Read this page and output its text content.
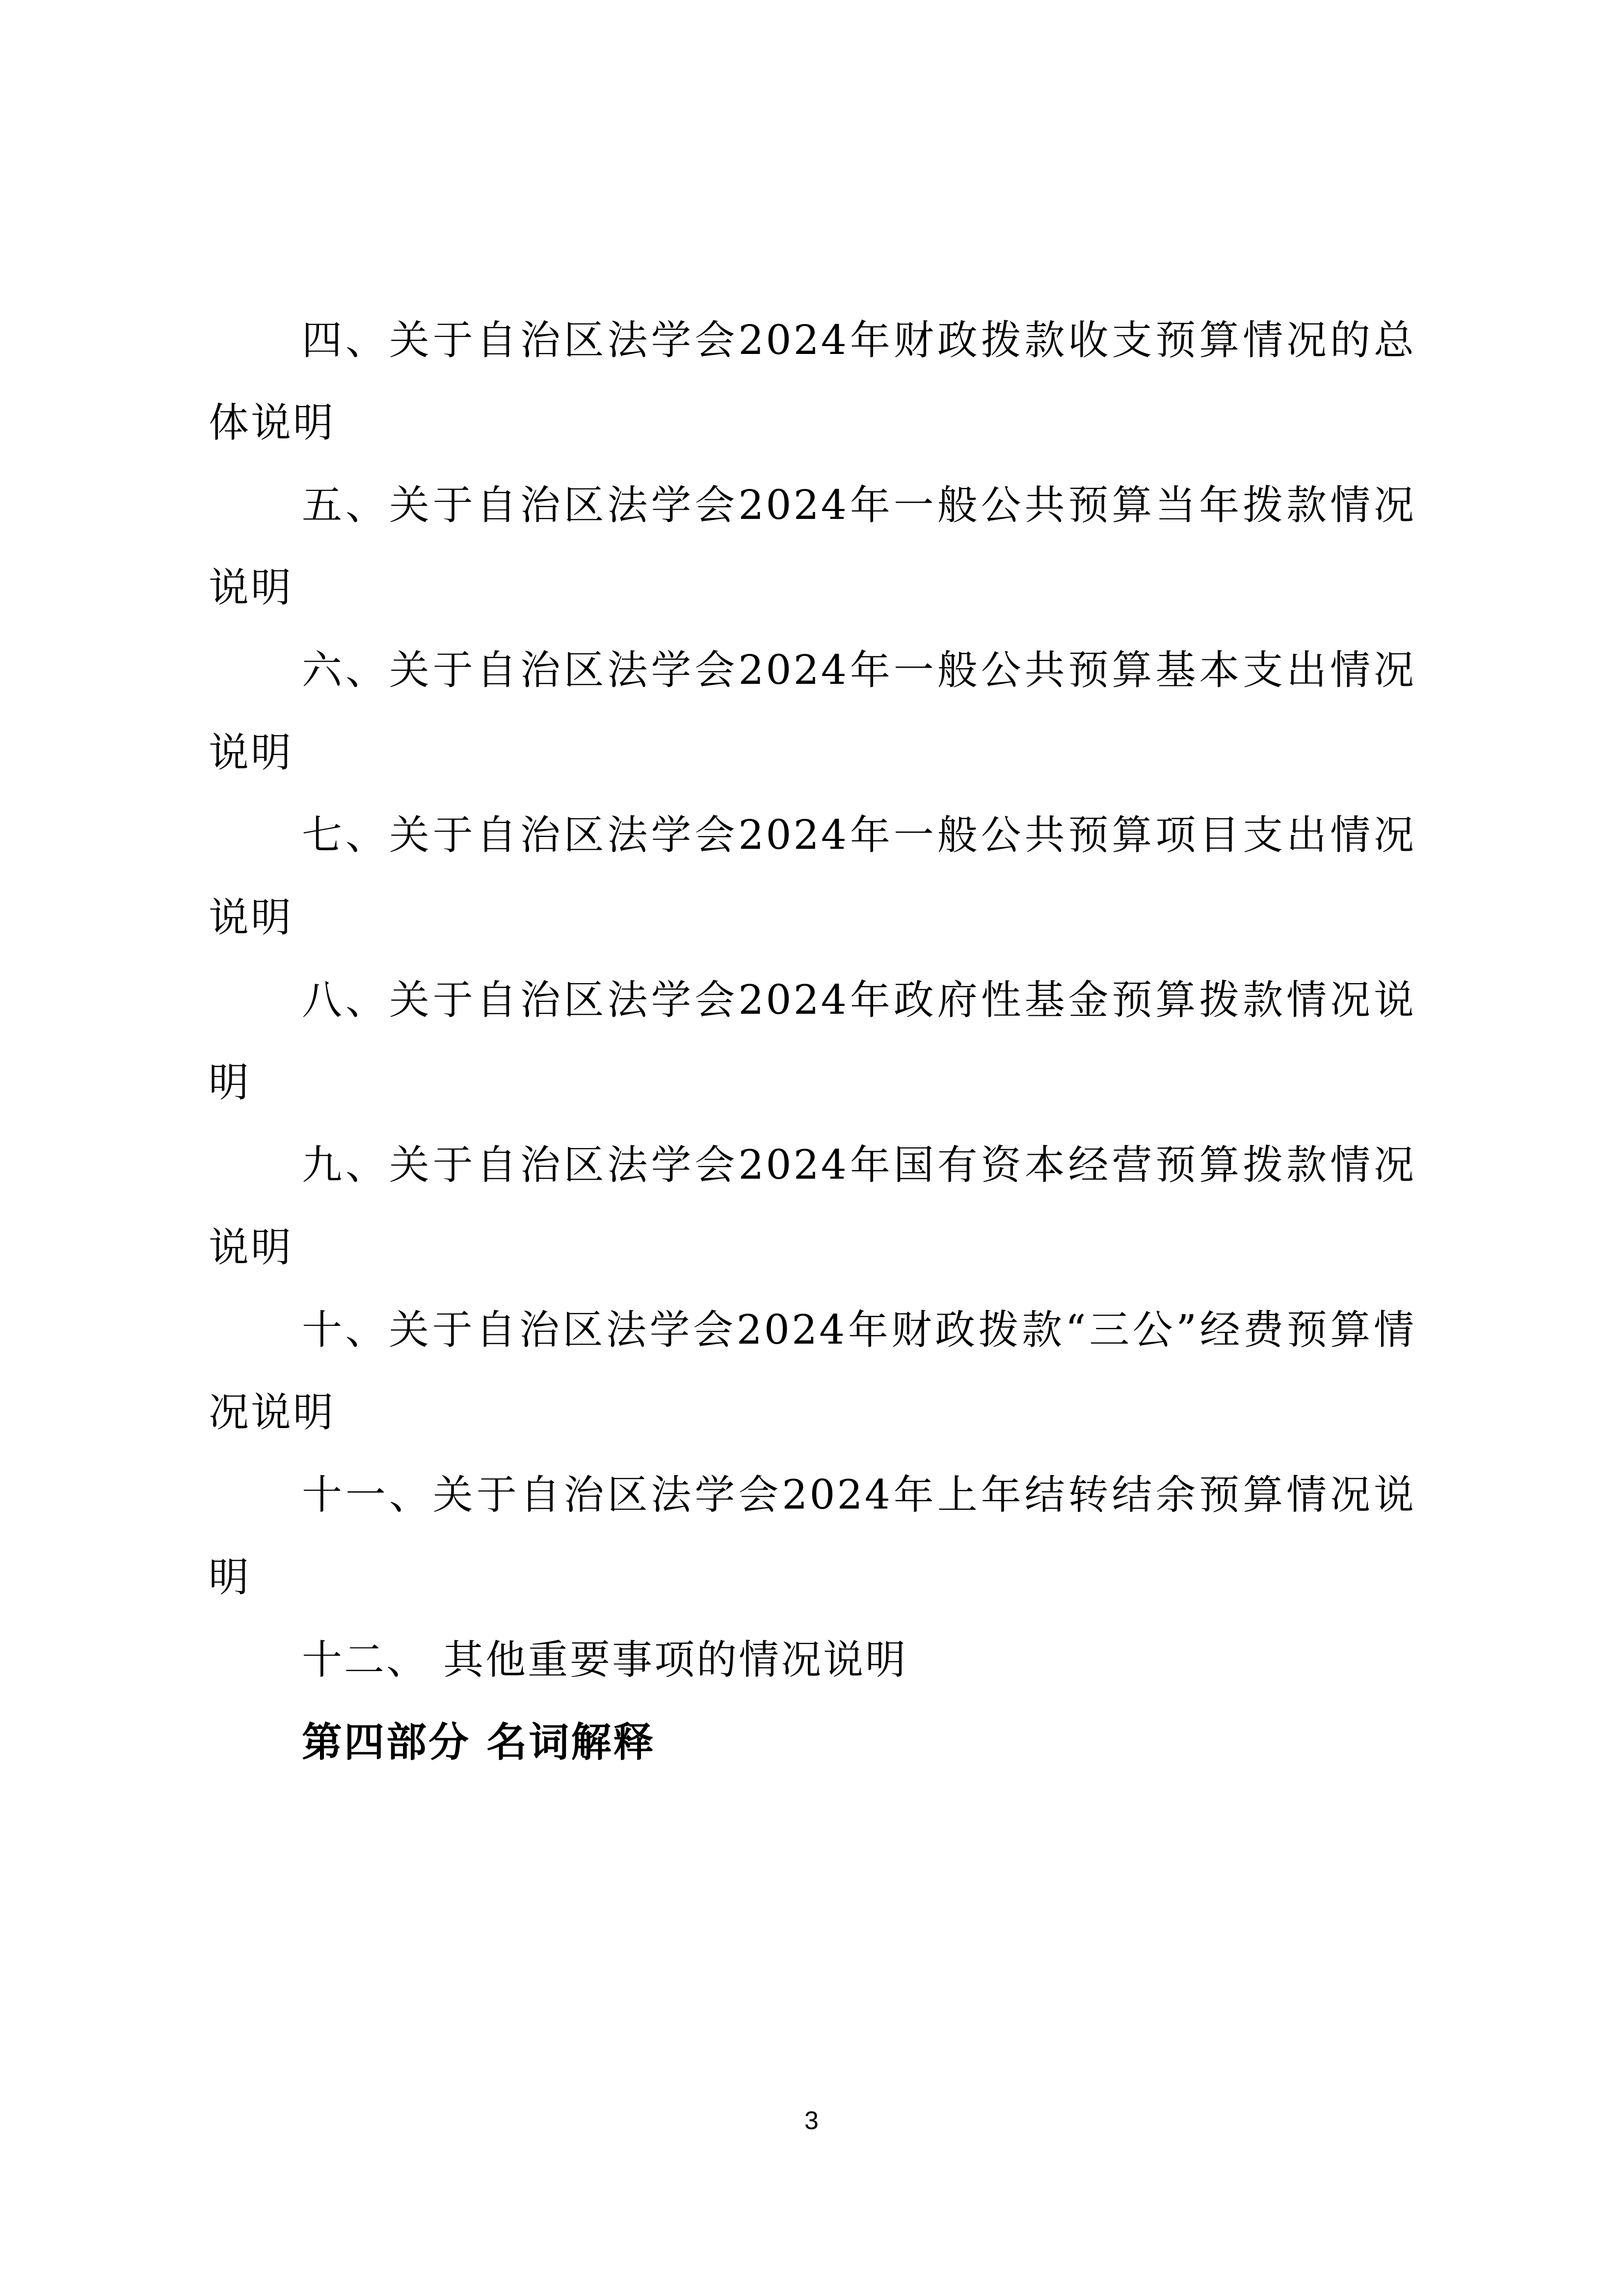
四、关于自治区法学会2024年财政拨款收支预算情况的总体说明

五、关于自治区法学会2024年一般公共预算当年拨款情况说明

六、关于自治区法学会2024年一般公共预算基本支出情况说明

七、关于自治区法学会2024年一般公共预算项目支出情况说明

八、关于自治区法学会2024年政府性基金预算拨款情况说明

九、关于自治区法学会2024年国有资本经营预算拨款情况说明

十、关于自治区法学会2024年财政拨款“三公”经费预算情况说明

十一、关于自治区法学会2024年上年结转结余预算情况说明

十二、 其他重要事项的情况说明

第四部分 名词解释

3
